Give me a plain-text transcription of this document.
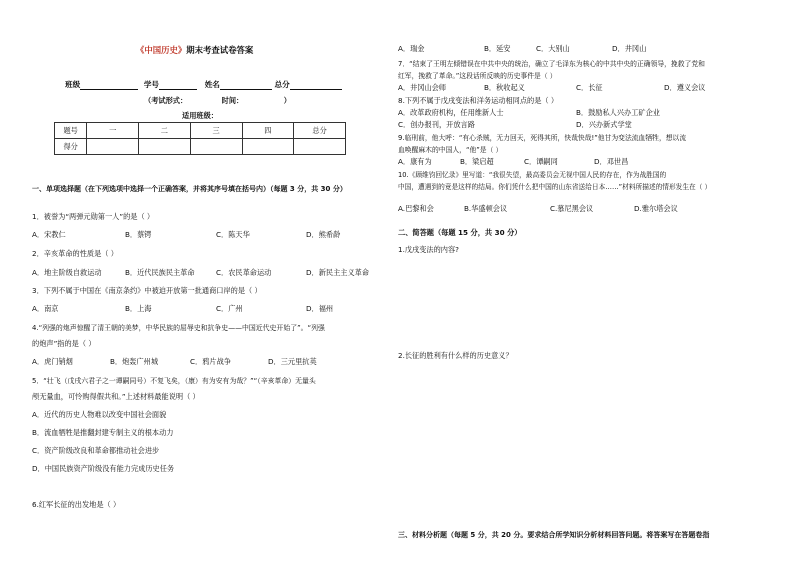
《中国历史》期末考查试卷答案
班级	学号	姓名	总分
（考试形式：	时间：	）
适用班级：
题号	一	二	三	四	总分
得分					
一、单项选择题（在下列选项中选择一个正确答案，并将其序号填在括号内）（每题 3 分，共 30 分）
1．被誉为“两弹元勋第一人”的是（ ）
A．宋教仁	B．蔡锷	C．陈天华	D．熊希龄
2．辛亥革命的性质是（ ）
A．地主阶级自救运动	B．近代民族民主革命	C．农民革命运动	D．新民主主义革命
3．下列不属于中国在《南京条约》中被迫开放第一批通商口岸的是（ ）
A．南京	B．上海	C．广州	D．福州
4.“列强的炮声惊醒了清王朝的美梦，中华民族的屈辱史和抗争史——中国近代史开始了”。“列强
的炮声”指的是（ ）
A．虎门销烟	B．炮轰广州城	C．鸦片战争	D．三元里抗英
5．“壮飞（戊戌六君子之一谭嗣同号）不复飞矣，（康）有为安有为哉？”“（辛亥革命）无量头
颅无量血，可怜购得假共和。”上述材料最能说明（ ）
A．近代的历史人物难以改变中国社会面貌
B．流血牺牲是推翻封建专制主义的根本动力
C．资产阶级改良和革命都推动社会进步
D．中国民族资产阶级没有能力完成历史任务
6.红军长征的出发地是（ ）
A．瑞金	B．延安	C．大别山	D．井冈山
7．“结束了王明左倾错误在中共中央的统治，确立了毛泽东为核心的中共中央的正确领导，挽救了党和
红军，挽救了革命。”这段话所反映的历史事件是（ ）
A．井冈山会师	B．秋收起义	C．长征	D．遵义会议
8.下列不属于戊戌变法和洋务运动相同点的是（ ）
A．改革政府机构，任用维新人士	B．鼓励私人兴办工矿企业
C．创办报刊，开放言路	D．兴办新式学堂
9.临刑前，他大呼：“有心杀贼，无力回天，死得其所，快哉快哉!”他甘为变法流血牺牲，想以流
血唤醒麻木的中国人，“他”是（ ）
A．康有为	B．梁启超	C．谭嗣同	D．邓世昌
10.《顾维钧回忆录》里写道：“我很失望，最高委员会无视中国人民的存在，作为战胜国的
中国，遭遇到的竟是这样的结局。你们凭什么把中国的山东省送给日本……”材料所描述的情形发生在（ ）
A.巴黎和会	B.华盛顿会议	C.慕尼黑会议	D.雅尔塔会议
二、简答题（每题 15 分，共 30 分）
1.戊戌变法的内容?
2.长征的胜利有什么样的历史意义？
三、材料分析题（每题 5 分，共 20 分。要求结合所学知识分析材料回答问题。将答案写在答题卷指
